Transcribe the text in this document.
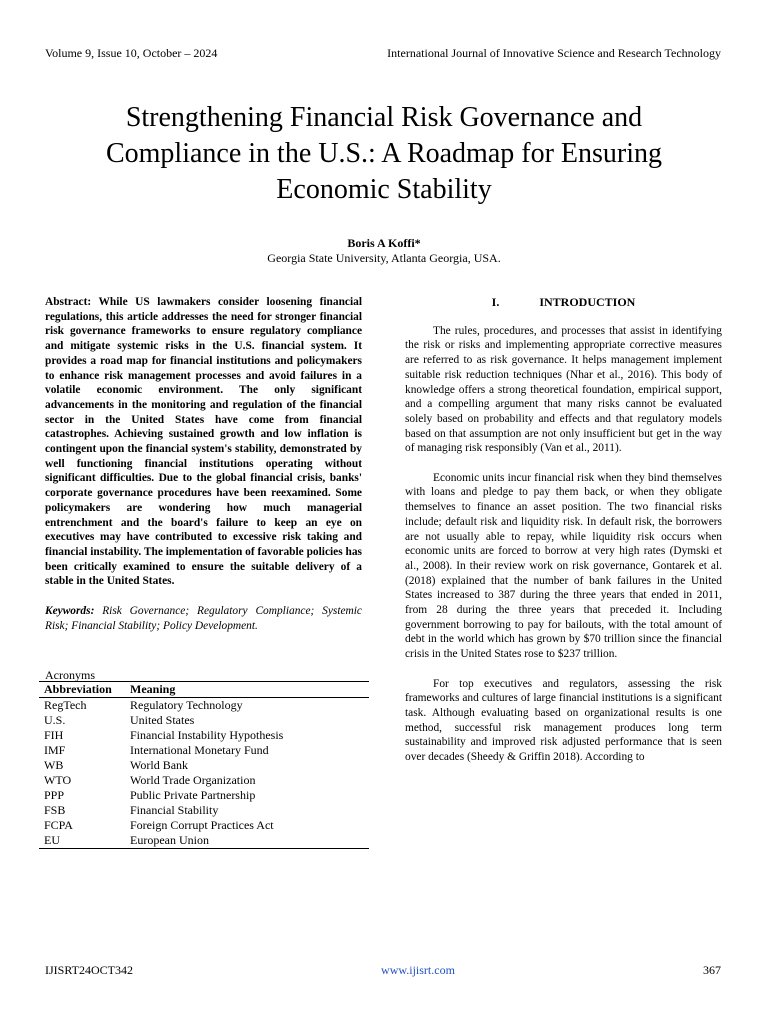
Volume 9, Issue 10, October – 2024	International Journal of Innovative Science and Research Technology
Strengthening Financial Risk Governance and Compliance in the U.S.: A Roadmap for Ensuring Economic Stability
Boris A Koffi*
Georgia State University, Atlanta Georgia, USA.

Abstract: While US lawmakers consider loosening financial regulations, this article addresses the need for stronger financial risk governance frameworks to ensure regulatory compliance and mitigate systemic risks in the U.S. financial system. It provides a road map for financial institutions and policymakers to enhance risk management processes and avoid failures in a volatile economic environment. The only significant advancements in the monitoring and regulation of the financial sector in the United States have come from financial catastrophes. Achieving sustained growth and low inflation is contingent upon the financial system's stability, demonstrated by well functioning financial institutions operating without significant difficulties. Due to the global financial crisis, banks' corporate governance procedures have been reexamined. Some policymakers are wondering how much managerial entrenchment and the board's failure to keep an eye on executives may have contributed to excessive risk taking and financial instability. The implementation of favorable policies has been critically examined to ensure the suitable delivery of a stable in the United States.

Keywords: Risk Governance; Regulatory Compliance; Systemic Risk; Financial Stability; Policy Development.

Acronyms
Abbreviation	Meaning
RegTech	Regulatory Technology
U.S.	United States
FIH	Financial Instability Hypothesis
IMF	International Monetary Fund
WB	World Bank
WTO	World Trade Organization
PPP	Public Private Partnership
FSB	Financial Stability
FCPA	Foreign Corrupt Practices Act
EU	European Union
I.	INTRODUCTION

The rules, procedures, and processes that assist in identifying the risk or risks and implementing appropriate corrective measures are referred to as risk governance. It helps management implement suitable risk reduction techniques (Nhar et al., 2016). This body of knowledge offers a strong theoretical foundation, empirical support, and a compelling argument that many risks cannot be evaluated solely based on probability and effects and that regulatory models based on that assumption are not only insufficient but get in the way of managing risk responsibly (Van et al., 2011).

Economic units incur financial risk when they bind themselves with loans and pledge to pay them back, or when they obligate themselves to finance an asset position. The two financial risks include; default risk and liquidity risk. In default risk, the borrowers are not usually able to repay, while liquidity risk occurs when economic units are forced to borrow at very high rates (Dymski et al., 2008). In their review work on risk governance, Gontarek et al. (2018) explained that the number of bank failures in the United States increased to 387 during the three years that ended in 2011, from 28 during the three years that preceded it. Including government borrowing to pay for bailouts, with the total amount of debt in the world which has grown by $70 trillion since the financial crisis in the United States rose to $237 trillion.

For top executives and regulators, assessing the risk frameworks and cultures of large financial institutions is a significant task. Although evaluating based on organizational results is one method, successful risk management produces long term sustainability and improved risk adjusted performance that is seen over decades (Sheedy & Griffin 2018). According to

IJISRT24OCT342	www.ijisrt.com	367
